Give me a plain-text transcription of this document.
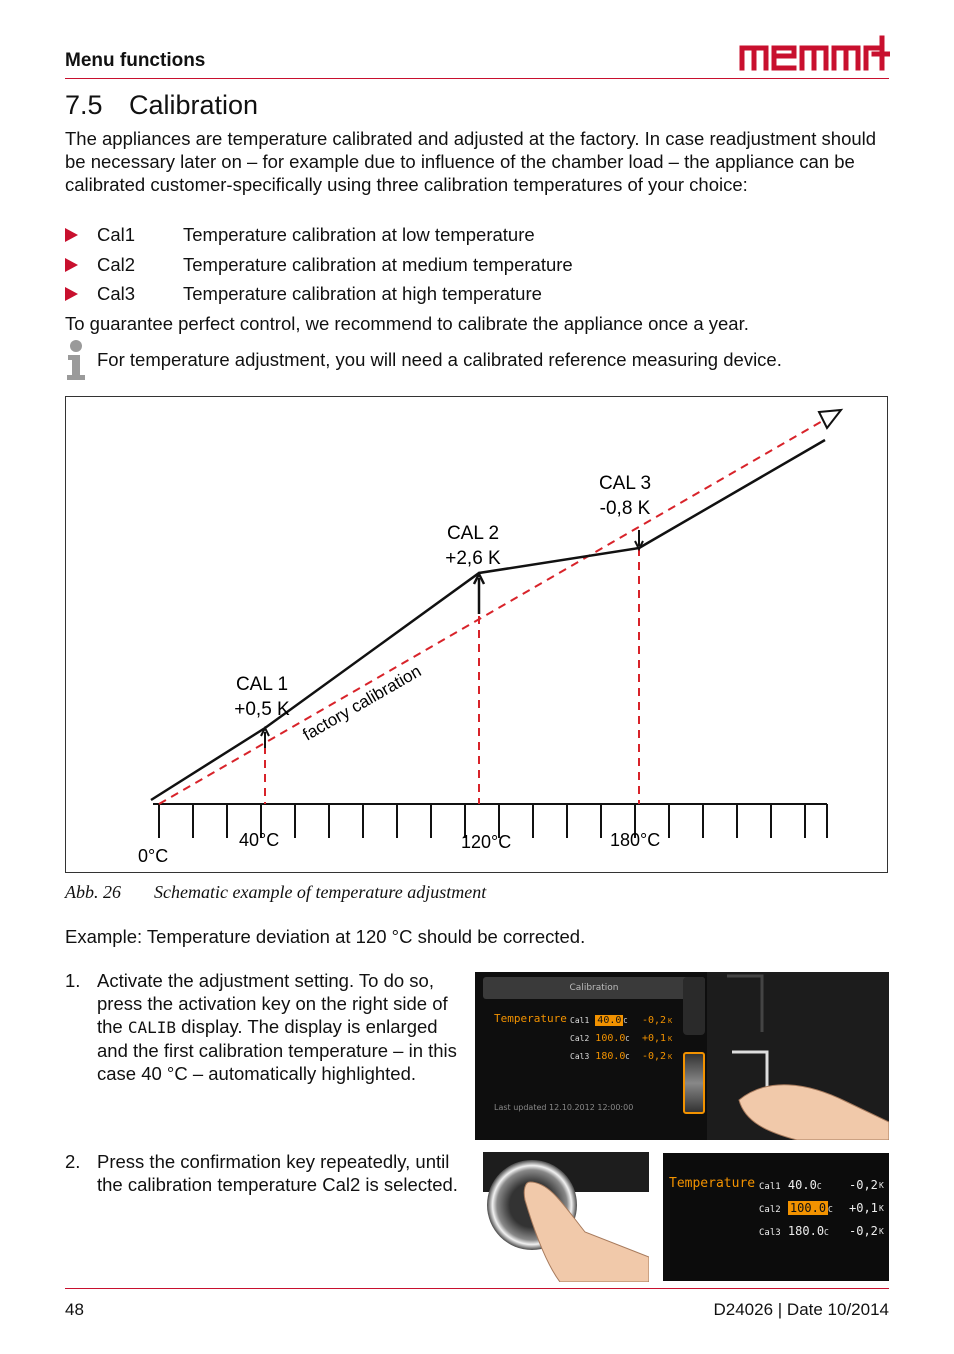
Menu functions
7.5 Calibration
The appliances are temperature calibrated and adjusted at the factory. In case readjustment should be necessary later on – for example due to influence of the chamber load – the appliance can be calibrated customer-specifically using three calibration temperatures of your choice:
Cal1	Temperature calibration at low temperature
Cal2	Temperature calibration at medium temperature
Cal3	Temperature calibration at high temperature
To guarantee perfect control, we recommend to calibrate the appliance once a year.
For temperature adjustment, you will need a calibrated reference measuring device.
CAL 1
+0,5 K
CAL 2
+2,6 K
CAL 3
-0,8 K
factory calibration
0°C
40°C	120°C	180°C
Abb. 26 Schematic example of temperature adjustment
Example: Temperature deviation at 120 °C should be corrected.
1. Activate the adjustment setting. To do so, press the activation key on the right side of the CALIB display. The display is enlarged and the first calibration temperature – in this case 40 °C – automatically highlighted.
2. Press the confirmation key repeatedly, until the calibration temperature Cal2 is selected.
Calibration
Temperature Cal1 40.0 C -0,2 K
Cal2 100.0C +0,1 K
Cal3 180.0C -0,2 K
Last updated 12.10.2012 12:00:00
Temperature Cal1 40.0C -0,2 K
Cal2 100.0 C +0,1 K
Cal3 180.0C -0,2 K
48	D24026 | Date 10/2014
